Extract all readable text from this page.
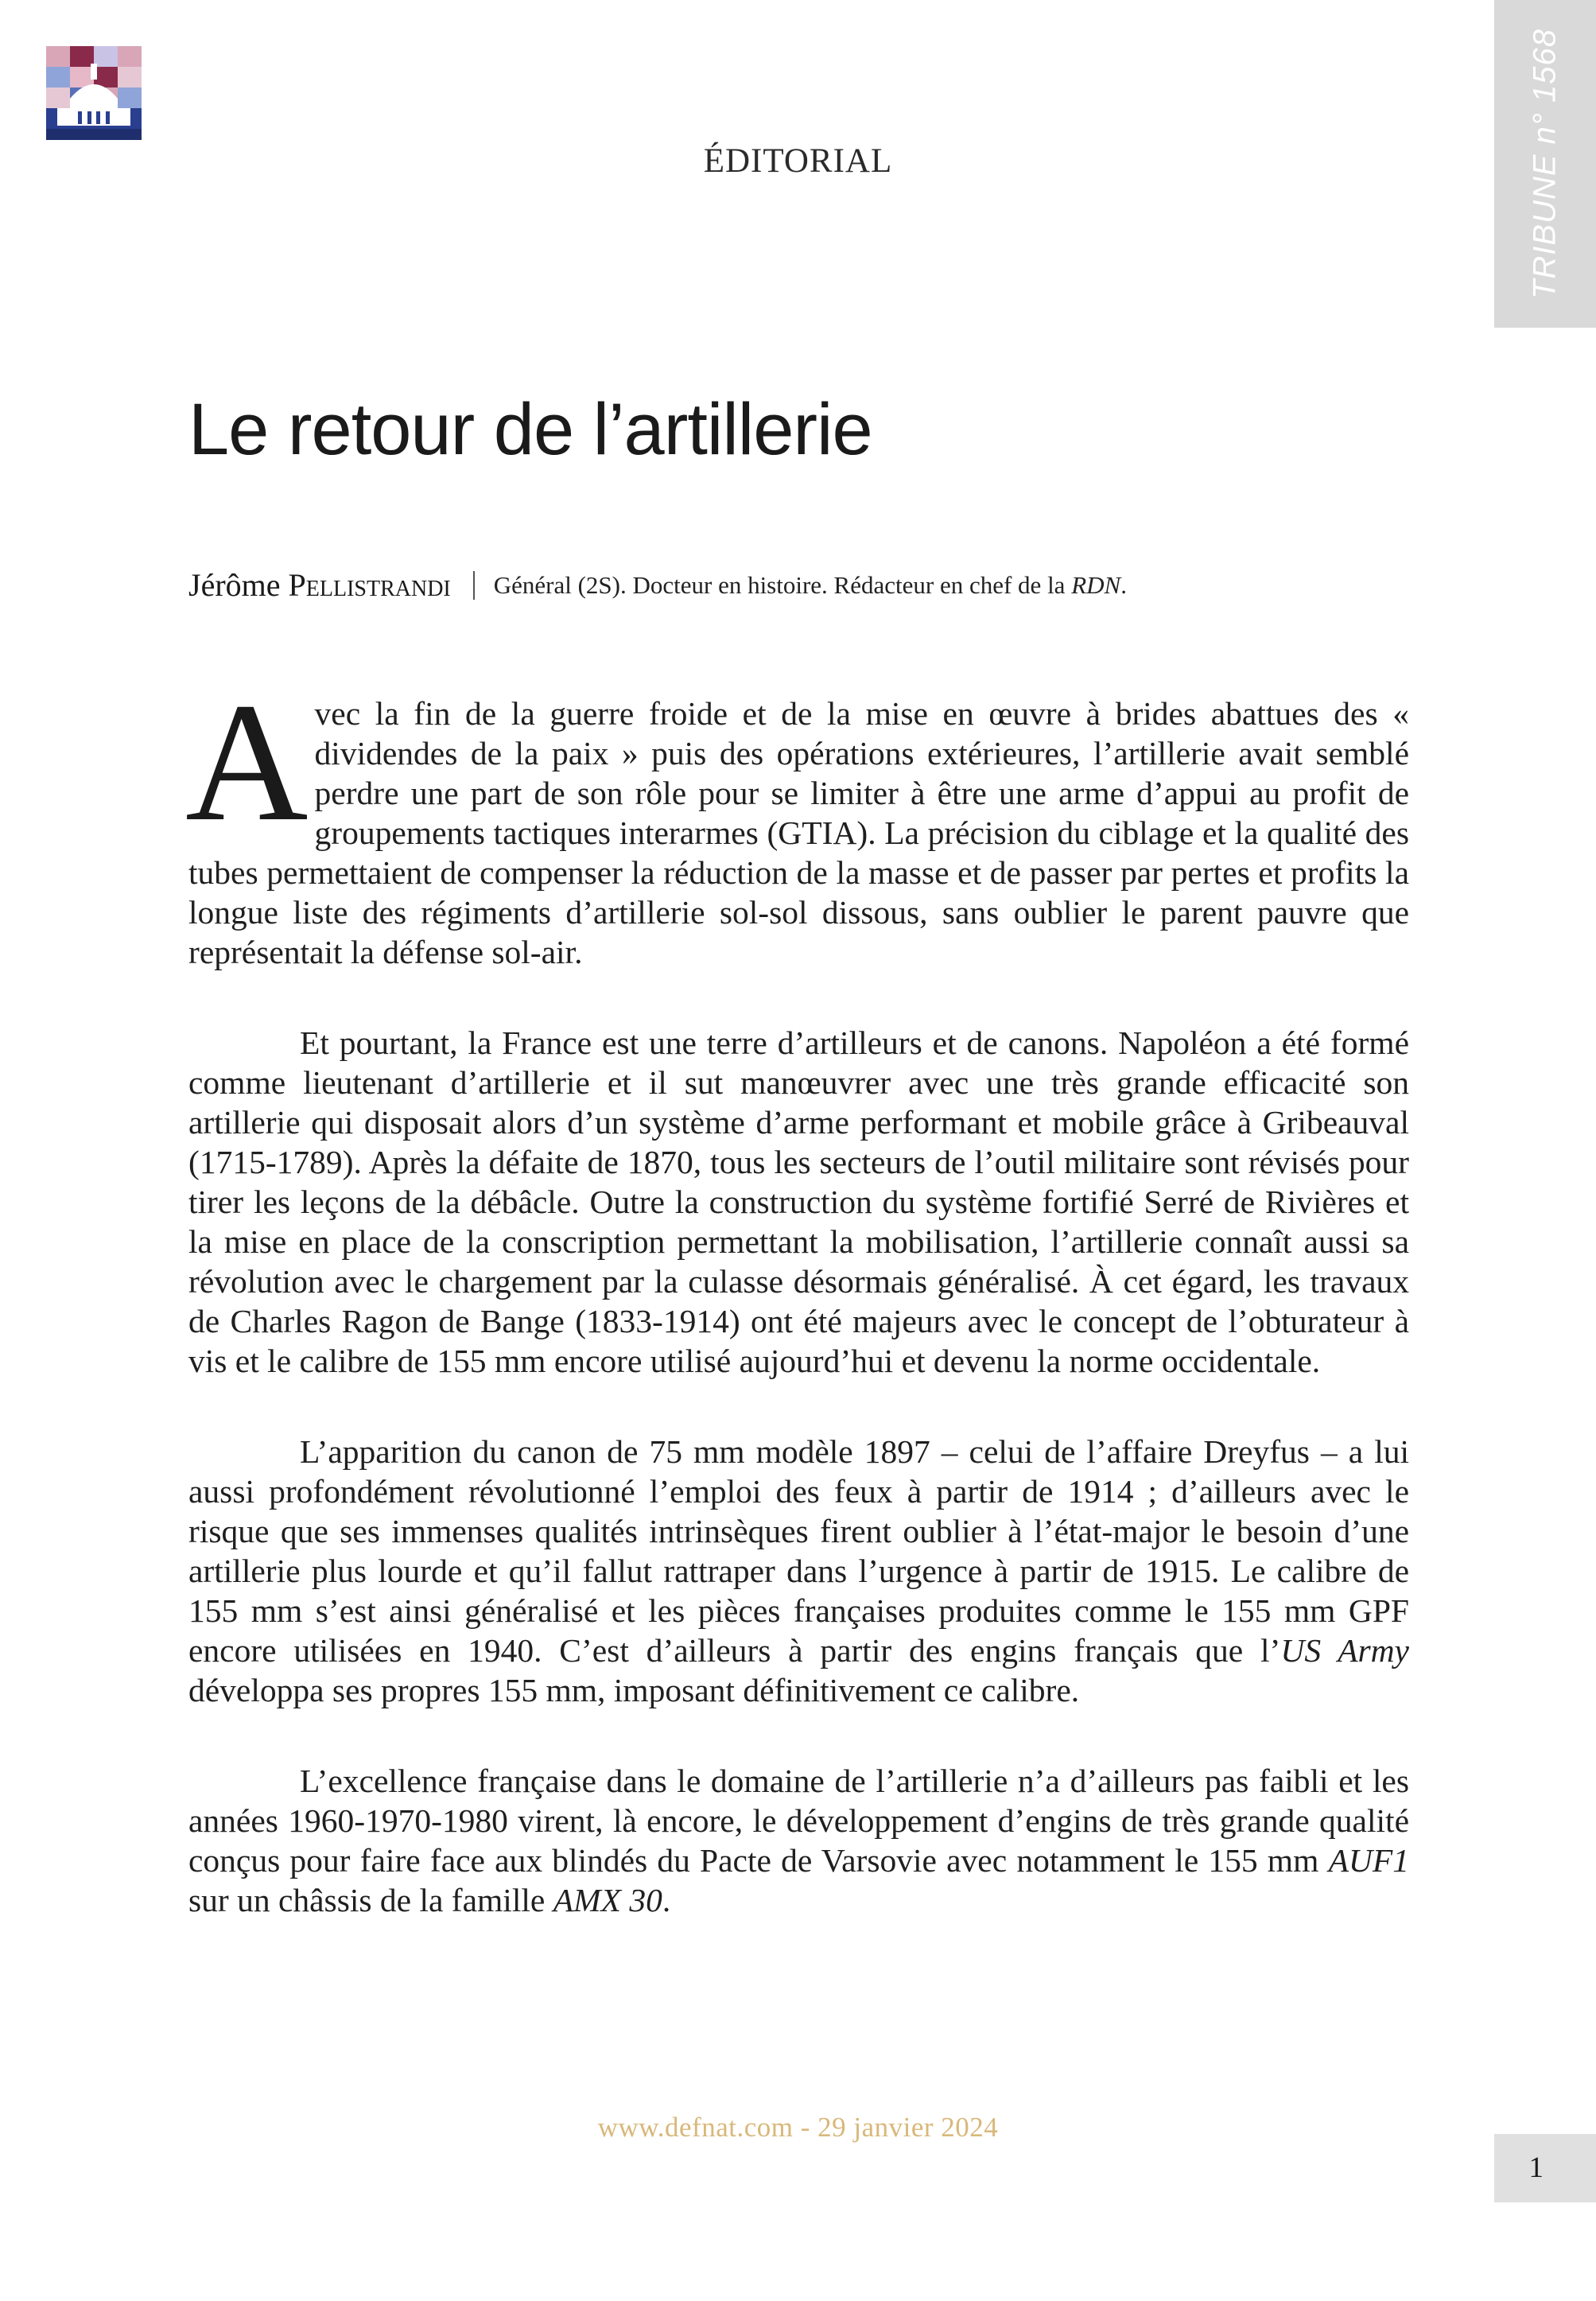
ÉDITORIAL	TRIBUNE n° 1568
Le retour de l’artillerie
Jérôme Pellistrandi Général (2S). Docteur en histoire. Rédacteur en chef de la RDN.

Avec la fin de la guerre froide et de la mise en œuvre à brides abattues des « dividendes de la paix » puis des opérations extérieures, l’artillerie avait semblé perdre une part de son rôle pour se limiter à être une arme d’appui au profit de groupements tactiques interarmes (GTIA). La précision du ciblage et la qualité des tubes permettaient de compenser la réduction de la masse et de passer par pertes et profits la longue liste des régiments d’artillerie sol-sol dissous, sans oublier le parent pauvre que représentait la défense sol-air.

Et pourtant, la France est une terre d’artilleurs et de canons. Napoléon a été formé comme lieutenant d’artillerie et il sut manœuvrer avec une très grande efficacité son artillerie qui disposait alors d’un système d’arme performant et mobile grâce à Gribeauval (1715-1789). Après la défaite de 1870, tous les secteurs de l’outil militaire sont révisés pour tirer les leçons de la débâcle. Outre la construction du système fortifié Serré de Rivières et la mise en place de la conscription permettant la mobilisation, l’artillerie connaît aussi sa révolution avec le chargement par la culasse désormais généralisé. À cet égard, les travaux de Charles Ragon de Bange (1833-1914) ont été majeurs avec le concept de l’obturateur à vis et le calibre de 155 mm encore utilisé aujourd’hui et devenu la norme occidentale.

L’apparition du canon de 75 mm modèle 1897 – celui de l’affaire Dreyfus – a lui aussi profondément révolutionné l’emploi des feux à partir de 1914 ; d’ailleurs avec le risque que ses immenses qualités intrinsèques firent oublier à l’état-major le besoin d’une artillerie plus lourde et qu’il fallut rattraper dans l’urgence à partir de 1915. Le calibre de 155 mm s’est ainsi généralisé et les pièces françaises produites comme le 155 mm GPF encore utilisées en 1940. C’est d’ailleurs à partir des engins français que l’US Army développa ses propres 155 mm, imposant définitivement ce calibre.

L’excellence française dans le domaine de l’artillerie n’a d’ailleurs pas faibli et les années 1960-1970-1980 virent, là encore, le développement d’engins de très grande qualité conçus pour faire face aux blindés du Pacte de Varsovie avec notamment le 155 mm AUF1 sur un châssis de la famille AMX 30.

www.defnat.com - 29 janvier 2024
1
